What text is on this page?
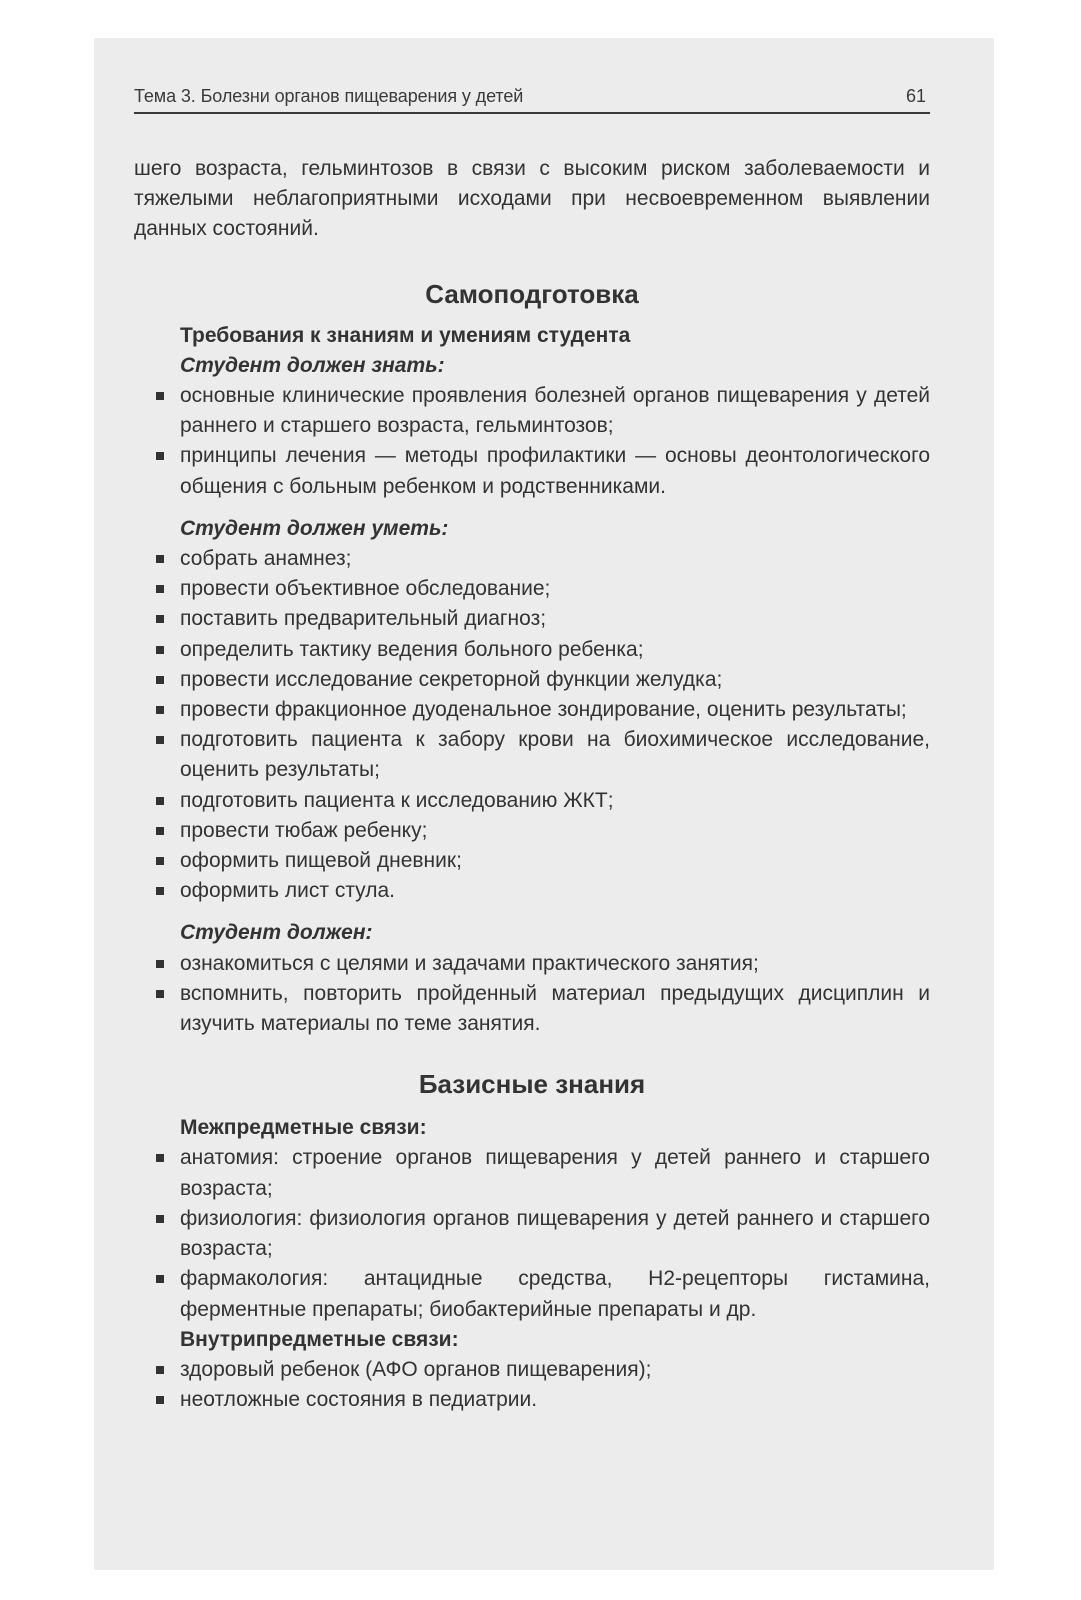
Тема 3. Болезни органов пищеварения у детей	61

шего возраста, гельминтозов в связи с высоким риском заболеваемости и тяжелыми неблагоприятными исходами при несвоевременном выявлении данных состояний.

Самоподготовка

Требования к знаниям и умениям студента

Студент должен знать:

основные клинические проявления болезней органов пищеварения у детей раннего и старшего возраста, гельминтозов;
принципы лечения — методы профилактики — основы деонтологического общения с больным ребенком и родственниками.

Студент должен уметь:

собрать анамнез;
провести объективное обследование;
поставить предварительный диагноз;
определить тактику ведения больного ребенка;
провести исследование секреторной функции желудка;
провести фракционное дуоденальное зондирование, оценить результаты;
подготовить пациента к забору крови на биохимическое исследование, оценить результаты;
подготовить пациента к исследованию ЖКТ;
провести тюбаж ребенку;
оформить пищевой дневник;
оформить лист стула.

Студент должен:

ознакомиться с целями и задачами практического занятия;
вспомнить, повторить пройденный материал предыдущих дисциплин и изучить материалы по теме занятия.
Базисные знания

Межпредметные связи:

анатомия: строение органов пищеварения у детей раннего и старшего возраста;
физиология: физиология органов пищеварения у детей раннего и старшего возраста;
фармакология: антацидные средства, Н2-рецепторы гистамина, ферментные препараты; биобактерийные препараты и др.

Внутрипредметные связи:

здоровый ребенок (АФО органов пищеварения);
неотложные состояния в педиатрии.
